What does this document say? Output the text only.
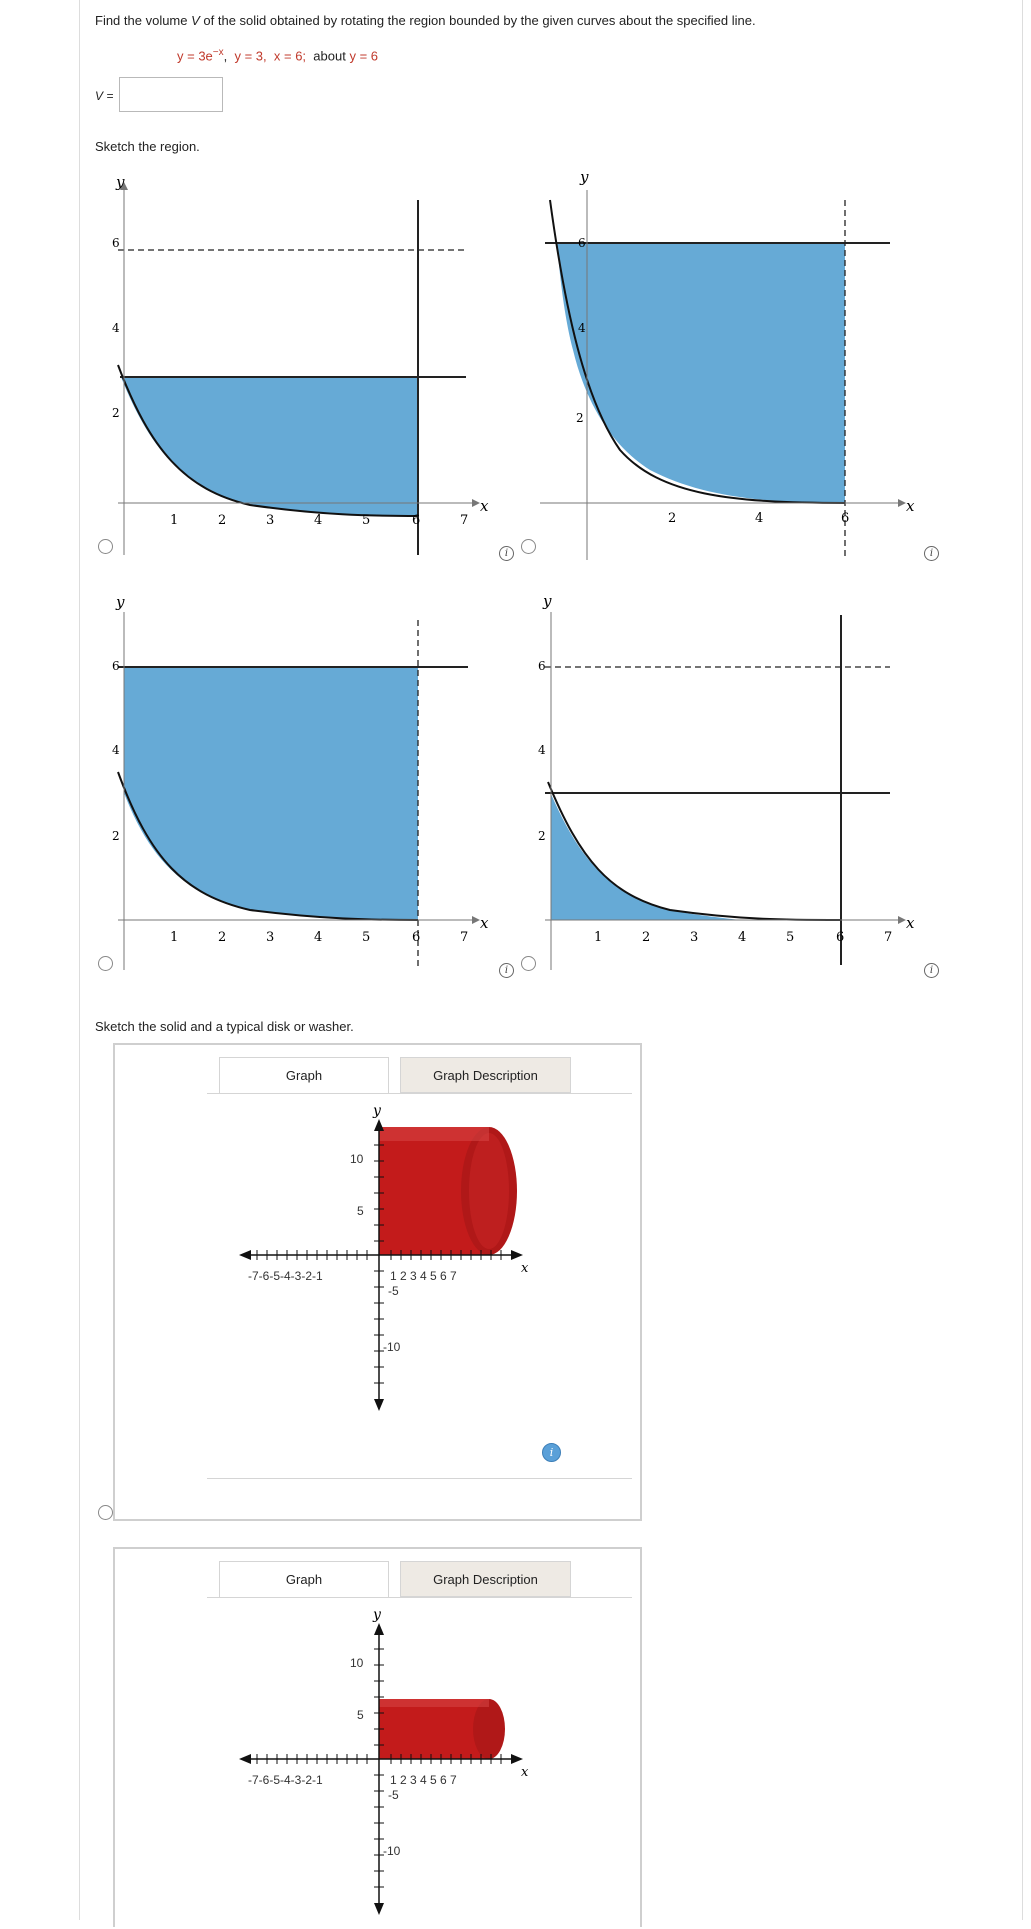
Find the volume V of the solid obtained by rotating the region bounded by the given curves about the specified line.
$y = 3e^{-x}$, y = 3, x = 6; about y = 6
V =
Sketch the region.
y
x
6
4
2
1	2	3	4	5	6	7
y
x
6
4
2
2	4	6
y
x
6
4
2
1	2	3	4	5	6	7
y
x
6
4
2
1	2	3	4	5	6	7
i	i
i	i
Sketch the solid and a typical disk or washer.
Graph	Graph Description
y
x
10
5
-7-6-5-4-3-2-1	1 2 3 4 5 6 7
-5
-10
i
Graph	Graph Description
y
x
10
5
-7-6-5-4-3-2-1	1 2 3 4 5 6 7
-5
-10
